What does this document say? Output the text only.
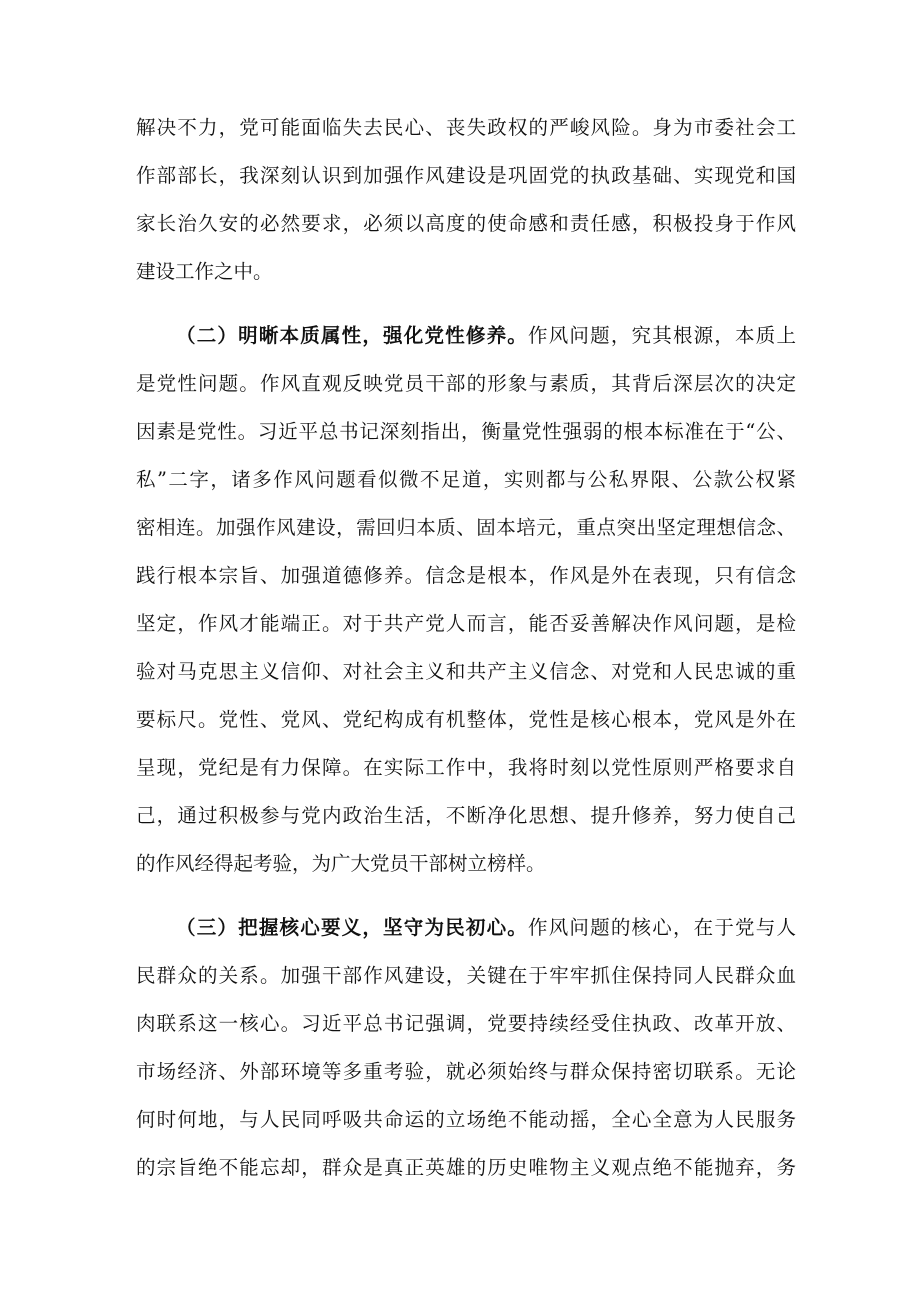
解决不力，党可能面临失去民心、丧失政权的严峻风险。身为市委社会工
作部部长，我深刻认识到加强作风建设是巩固党的执政基础、实现党和国
家长治久安的必然要求，必须以高度的使命感和责任感，积极投身于作风
建设工作之中。
（二）明晰本质属性，强化党性修养。作风问题，究其根源，本质上
是党性问题。作风直观反映党员干部的形象与素质，其背后深层次的决定
因素是党性。习近平总书记深刻指出，衡量党性强弱的根本标准在于“公、
私”二字，诸多作风问题看似微不足道，实则都与公私界限、公款公权紧
密相连。加强作风建设，需回归本质、固本培元，重点突出坚定理想信念、
践行根本宗旨、加强道德修养。信念是根本，作风是外在表现，只有信念
坚定，作风才能端正。对于共产党人而言，能否妥善解决作风问题，是检
验对马克思主义信仰、对社会主义和共产主义信念、对党和人民忠诚的重
要标尺。党性、党风、党纪构成有机整体，党性是核心根本，党风是外在
呈现，党纪是有力保障。在实际工作中，我将时刻以党性原则严格要求自
己，通过积极参与党内政治生活，不断净化思想、提升修养，努力使自己
的作风经得起考验，为广大党员干部树立榜样。
（三）把握核心要义，坚守为民初心。作风问题的核心，在于党与人
民群众的关系。加强干部作风建设，关键在于牢牢抓住保持同人民群众血
肉联系这一核心。习近平总书记强调，党要持续经受住执政、改革开放、
市场经济、外部环境等多重考验，就必须始终与群众保持密切联系。无论
何时何地，与人民同呼吸共命运的立场绝不能动摇，全心全意为人民服务
的宗旨绝不能忘却，群众是真正英雄的历史唯物主义观点绝不能抛弃，务
